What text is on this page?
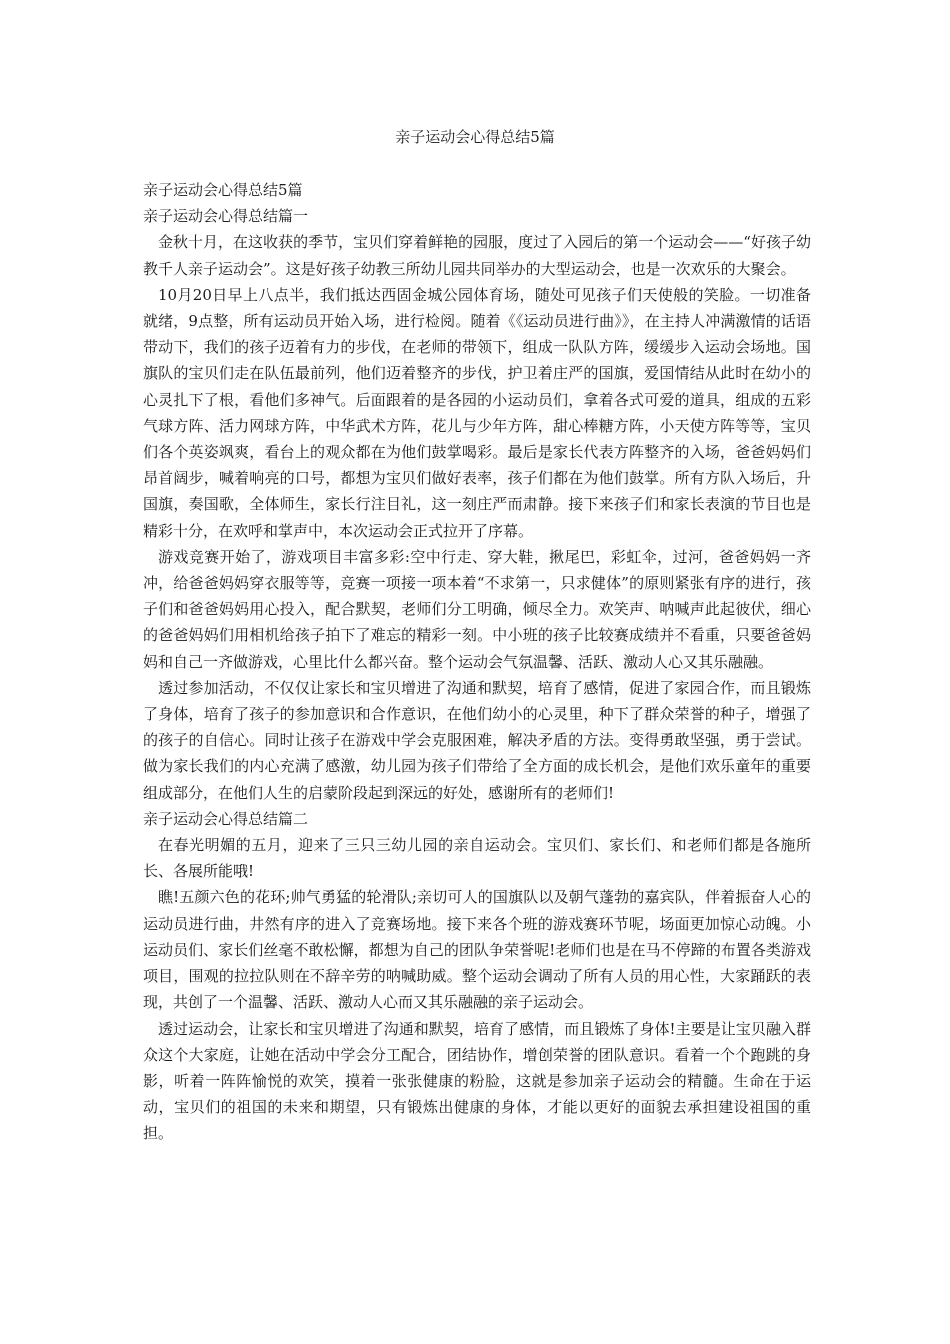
亲子运动会心得总结5篇

亲子运动会心得总结5篇

亲子运动会心得总结篇一

金秋十月，在这收获的季节，宝贝们穿着鲜艳的园服，度过了入园后的第一个运动会——“好孩子幼教千人亲子运动会”。这是好孩子幼教三所幼儿园共同举办的大型运动会，也是一次欢乐的大聚会。

10月20日早上八点半，我们抵达西固金城公园体育场，随处可见孩子们天使般的笑脸。一切准备就绪，9点整，所有运动员开始入场，进行检阅。随着《《运动员进行曲》》，在主持人冲满激情的话语带动下，我们的孩子迈着有力的步伐，在老师的带领下，组成一队队方阵，缓缓步入运动会场地。国旗队的宝贝们走在队伍最前列，他们迈着整齐的步伐，护卫着庄严的国旗，爱国情结从此时在幼小的心灵扎下了根，看他们多神气。后面跟着的是各园的小运动员们，拿着各式可爱的道具，组成的五彩气球方阵、活力网球方阵，中华武术方阵，花儿与少年方阵，甜心棒糖方阵，小天使方阵等等，宝贝们各个英姿飒爽，看台上的观众都在为他们鼓掌喝彩。最后是家长代表方阵整齐的入场，爸爸妈妈们昂首阔步，喊着响亮的口号，都想为宝贝们做好表率，孩子们都在为他们鼓掌。所有方队入场后，升国旗，奏国歌，全体师生，家长行注目礼，这一刻庄严而肃静。接下来孩子们和家长表演的节目也是精彩十分，在欢呼和掌声中，本次运动会正式拉开了序幕。

游戏竞赛开始了，游戏项目丰富多彩:空中行走、穿大鞋，揪尾巴，彩虹伞，过河，爸爸妈妈一齐冲，给爸爸妈妈穿衣服等等，竞赛一项接一项本着“不求第一，只求健体”的原则紧张有序的进行，孩子们和爸爸妈妈用心投入，配合默契，老师们分工明确，倾尽全力。欢笑声、呐喊声此起彼伏，细心的爸爸妈妈们用相机给孩子拍下了难忘的精彩一刻。中小班的孩子比较赛成绩并不看重，只要爸爸妈妈和自己一齐做游戏，心里比什么都兴奋。整个运动会气氛温馨、活跃、激动人心又其乐融融。

透过参加活动，不仅仅让家长和宝贝增进了沟通和默契，培育了感情，促进了家园合作，而且锻炼了身体，培育了孩子的参加意识和合作意识，在他们幼小的心灵里，种下了群众荣誉的种子，增强了的孩子的自信心。同时让孩子在游戏中学会克服困难，解决矛盾的方法。变得勇敢坚强，勇于尝试。做为家长我们的内心充满了感激，幼儿园为孩子们带给了全方面的成长机会，是他们欢乐童年的重要组成部分，在他们人生的启蒙阶段起到深远的好处，感谢所有的老师们!

亲子运动会心得总结篇二

在春光明媚的五月，迎来了三只三幼儿园的亲自运动会。宝贝们、家长们、和老师们都是各施所长、各展所能哦!

瞧!五颜六色的花环;帅气勇猛的轮滑队;亲切可人的国旗队以及朝气蓬勃的嘉宾队，伴着振奋人心的运动员进行曲，井然有序的进入了竞赛场地。接下来各个班的游戏赛环节呢，场面更加惊心动魄。小运动员们、家长们丝毫不敢松懈，都想为自己的团队争荣誉呢!老师们也是在马不停蹄的布置各类游戏项目，围观的拉拉队则在不辞辛劳的呐喊助威。整个运动会调动了所有人员的用心性，大家踊跃的表现，共创了一个温馨、活跃、激动人心而又其乐融融的亲子运动会。

透过运动会，让家长和宝贝增进了沟通和默契，培育了感情，而且锻炼了身体!主要是让宝贝融入群众这个大家庭，让她在活动中学会分工配合，团结协作，增创荣誉的团队意识。看着一个个跑跳的身影，听着一阵阵愉悦的欢笑，摸着一张张健康的粉脸，这就是参加亲子运动会的精髓。生命在于运动，宝贝们的祖国的未来和期望，只有锻炼出健康的身体，才能以更好的面貌去承担建设祖国的重担。
